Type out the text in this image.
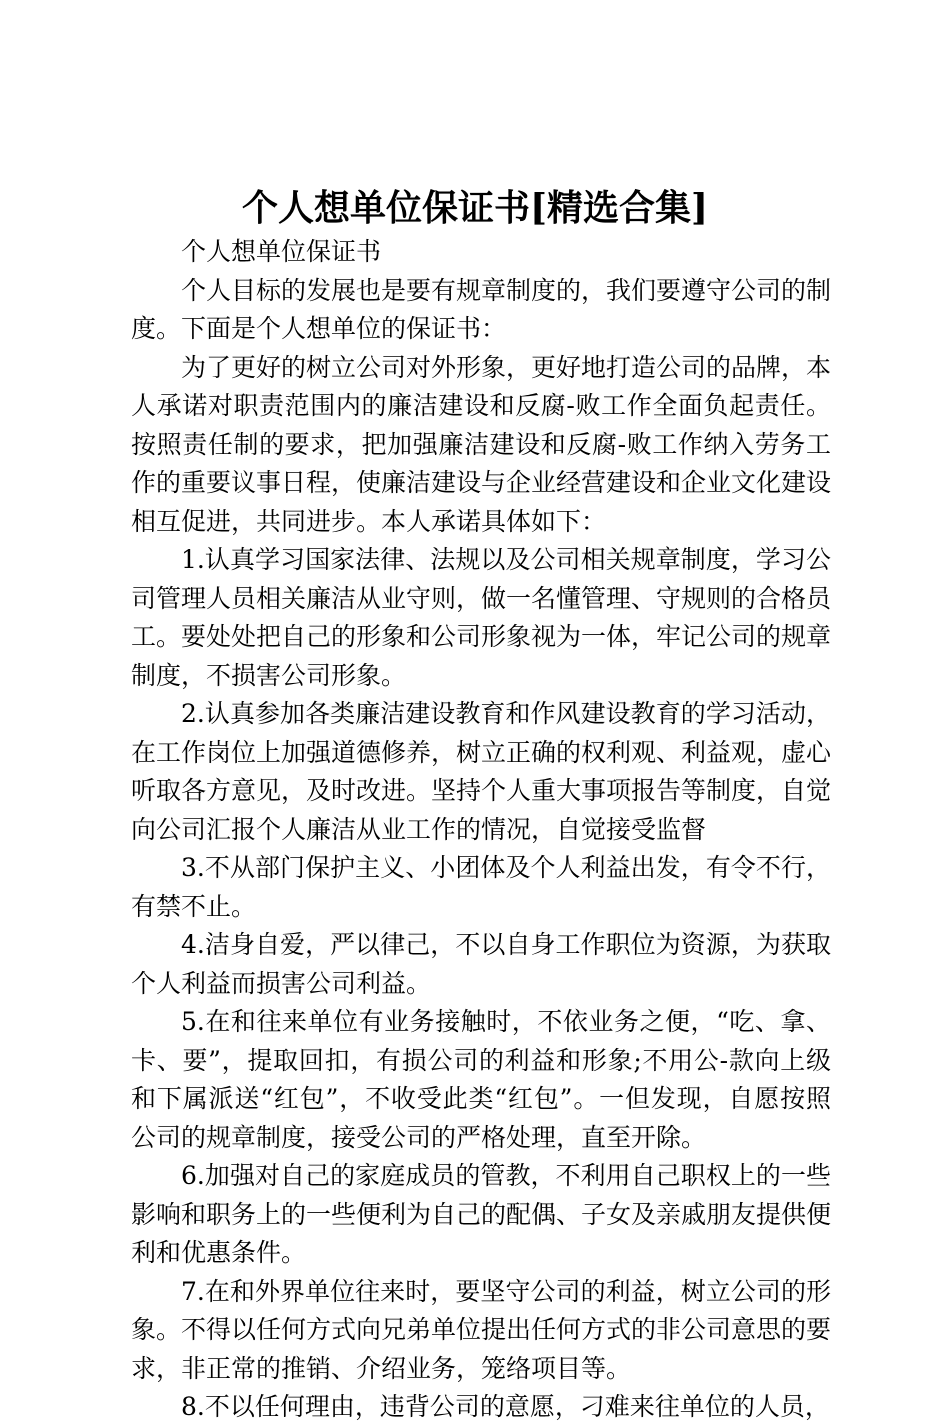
个人想单位保证书[精选合集]

个人想单位保证书

个人目标的发展也是要有规章制度的，我们要遵守公司的制度。下面是个人想单位的保证书：

为了更好的树立公司对外形象，更好地打造公司的品牌，本人承诺对职责范围内的廉洁建设和反腐-败工作全面负起责任。按照责任制的要求，把加强廉洁建设和反腐-败工作纳入劳务工作的重要议事日程，使廉洁建设与企业经营建设和企业文化建设相互促进，共同进步。本人承诺具体如下：

1.认真学习国家法律、法规以及公司相关规章制度，学习公司管理人员相关廉洁从业守则，做一名懂管理、守规则的合格员工。要处处把自己的形象和公司形象视为一体，牢记公司的规章制度，不损害公司形象。

2.认真参加各类廉洁建设教育和作风建设教育的学习活动，在工作岗位上加强道德修养，树立正确的权利观、利益观，虚心听取各方意见，及时改进。坚持个人重大事项报告等制度，自觉向公司汇报个人廉洁从业工作的情况，自觉接受监督

3.不从部门保护主义、小团体及个人利益出发，有令不行，有禁不止。

4.洁身自爱，严以律己，不以自身工作职位为资源，为获取个人利益而损害公司利益。

5.在和往来单位有业务接触时，不依业务之便，“吃、拿、卡、要”，提取回扣，有损公司的利益和形象;不用公-款向上级和下属派送“红包”，不收受此类“红包”。一但发现，自愿按照公司的规章制度，接受公司的严格处理，直至开除。

6.加强对自己的家庭成员的管教，不利用自己职权上的一些影响和职务上的一些便利为自己的配偶、子女及亲戚朋友提供便利和优惠条件。

7.在和外界单位往来时，要坚守公司的利益，树立公司的形象。不得以任何方式向兄弟单位提出任何方式的非公司意思的要求，非正常的推销、介绍业务，笼络项目等。

8.不以任何理由，违背公司的意愿，刁难来往单位的人员，
